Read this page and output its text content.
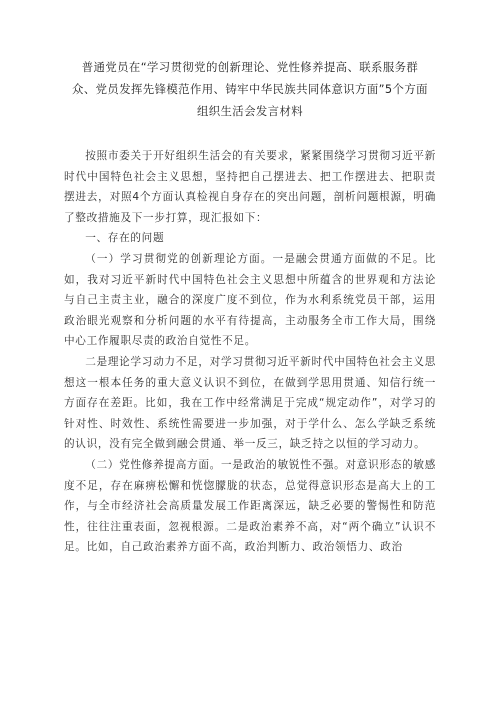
普通党员在“学习贯彻党的创新理论、党性修养提高、联系服务群众、党员发挥先锋模范作用、铸牢中华民族共同体意识方面”5个方面组织生活会发言材料

按照市委关于开好组织生活会的有关要求，紧紧围绕学习贯彻习近平新时代中国特色社会主义思想，坚持把自己摆进去、把工作摆进去、把职责摆进去，对照4个方面认真检视自身存在的突出问题，剖析问题根源，明确了整改措施及下一步打算，现汇报如下：

一、存在的问题

（一）学习贯彻党的创新理论方面。一是融会贯通方面做的不足。比如，我对习近平新时代中国特色社会主义思想中所蕴含的世界观和方法论与自己主责主业，融合的深度广度不到位，作为水利系统党员干部，运用政治眼光观察和分析问题的水平有待提高，主动服务全市工作大局，围绕中心工作履职尽责的政治自觉性不足。

二是理论学习动力不足，对学习贯彻习近平新时代中国特色社会主义思想这一根本任务的重大意义认识不到位，在做到学思用贯通、知信行统一方面存在差距。比如，我在工作中经常满足于完成“规定动作”，对学习的针对性、时效性、系统性需要进一步加强，对于学什么、怎么学缺乏系统的认识，没有完全做到融会贯通、举一反三，缺乏持之以恒的学习动力。

（二）党性修养提高方面。一是政治的敏锐性不强。对意识形态的敏感度不足，存在麻痹松懈和恍惚朦胧的状态，总觉得意识形态是高大上的工作，与全市经济社会高质量发展工作距离深远，缺乏必要的警惕性和防范性，往往注重表面，忽视根源。二是政治素养不高，对“两个确立”认识不足。比如，自己政治素养方面不高，政治判断力、政治领悟力、政治
